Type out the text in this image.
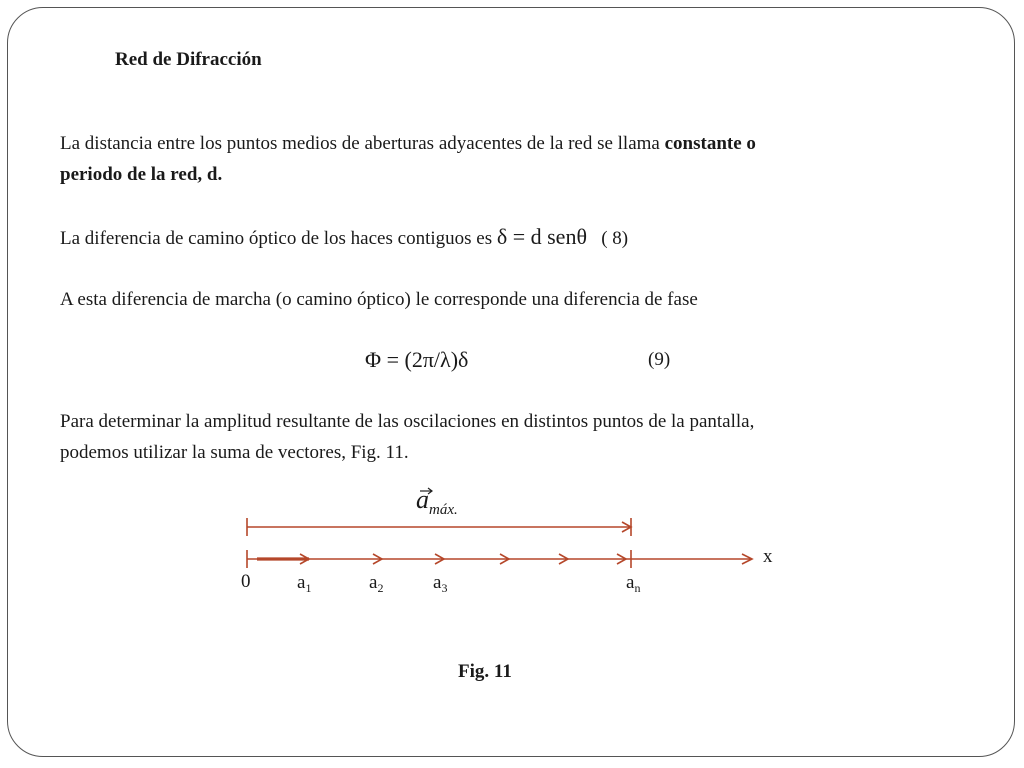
Red de Difracción
La distancia entre los puntos medios de aberturas adyacentes de la red se llama constante o
periodo de la red, d.
La diferencia de camino óptico de los haces contiguos es δ = d senθ ( 8)
A esta diferencia de marcha (o camino óptico) le corresponde una diferencia de fase
Φ = (2π/λ)δ	(9)
Para determinar la amplitud resultante de las oscilaciones en distintos puntos de la pantalla,
podemos utilizar la suma de vectores, Fig. 11.
$a_{máx.}$
x
0 $a_1$	$a_2$	$a_3$	$a_n$
Fig. 11
